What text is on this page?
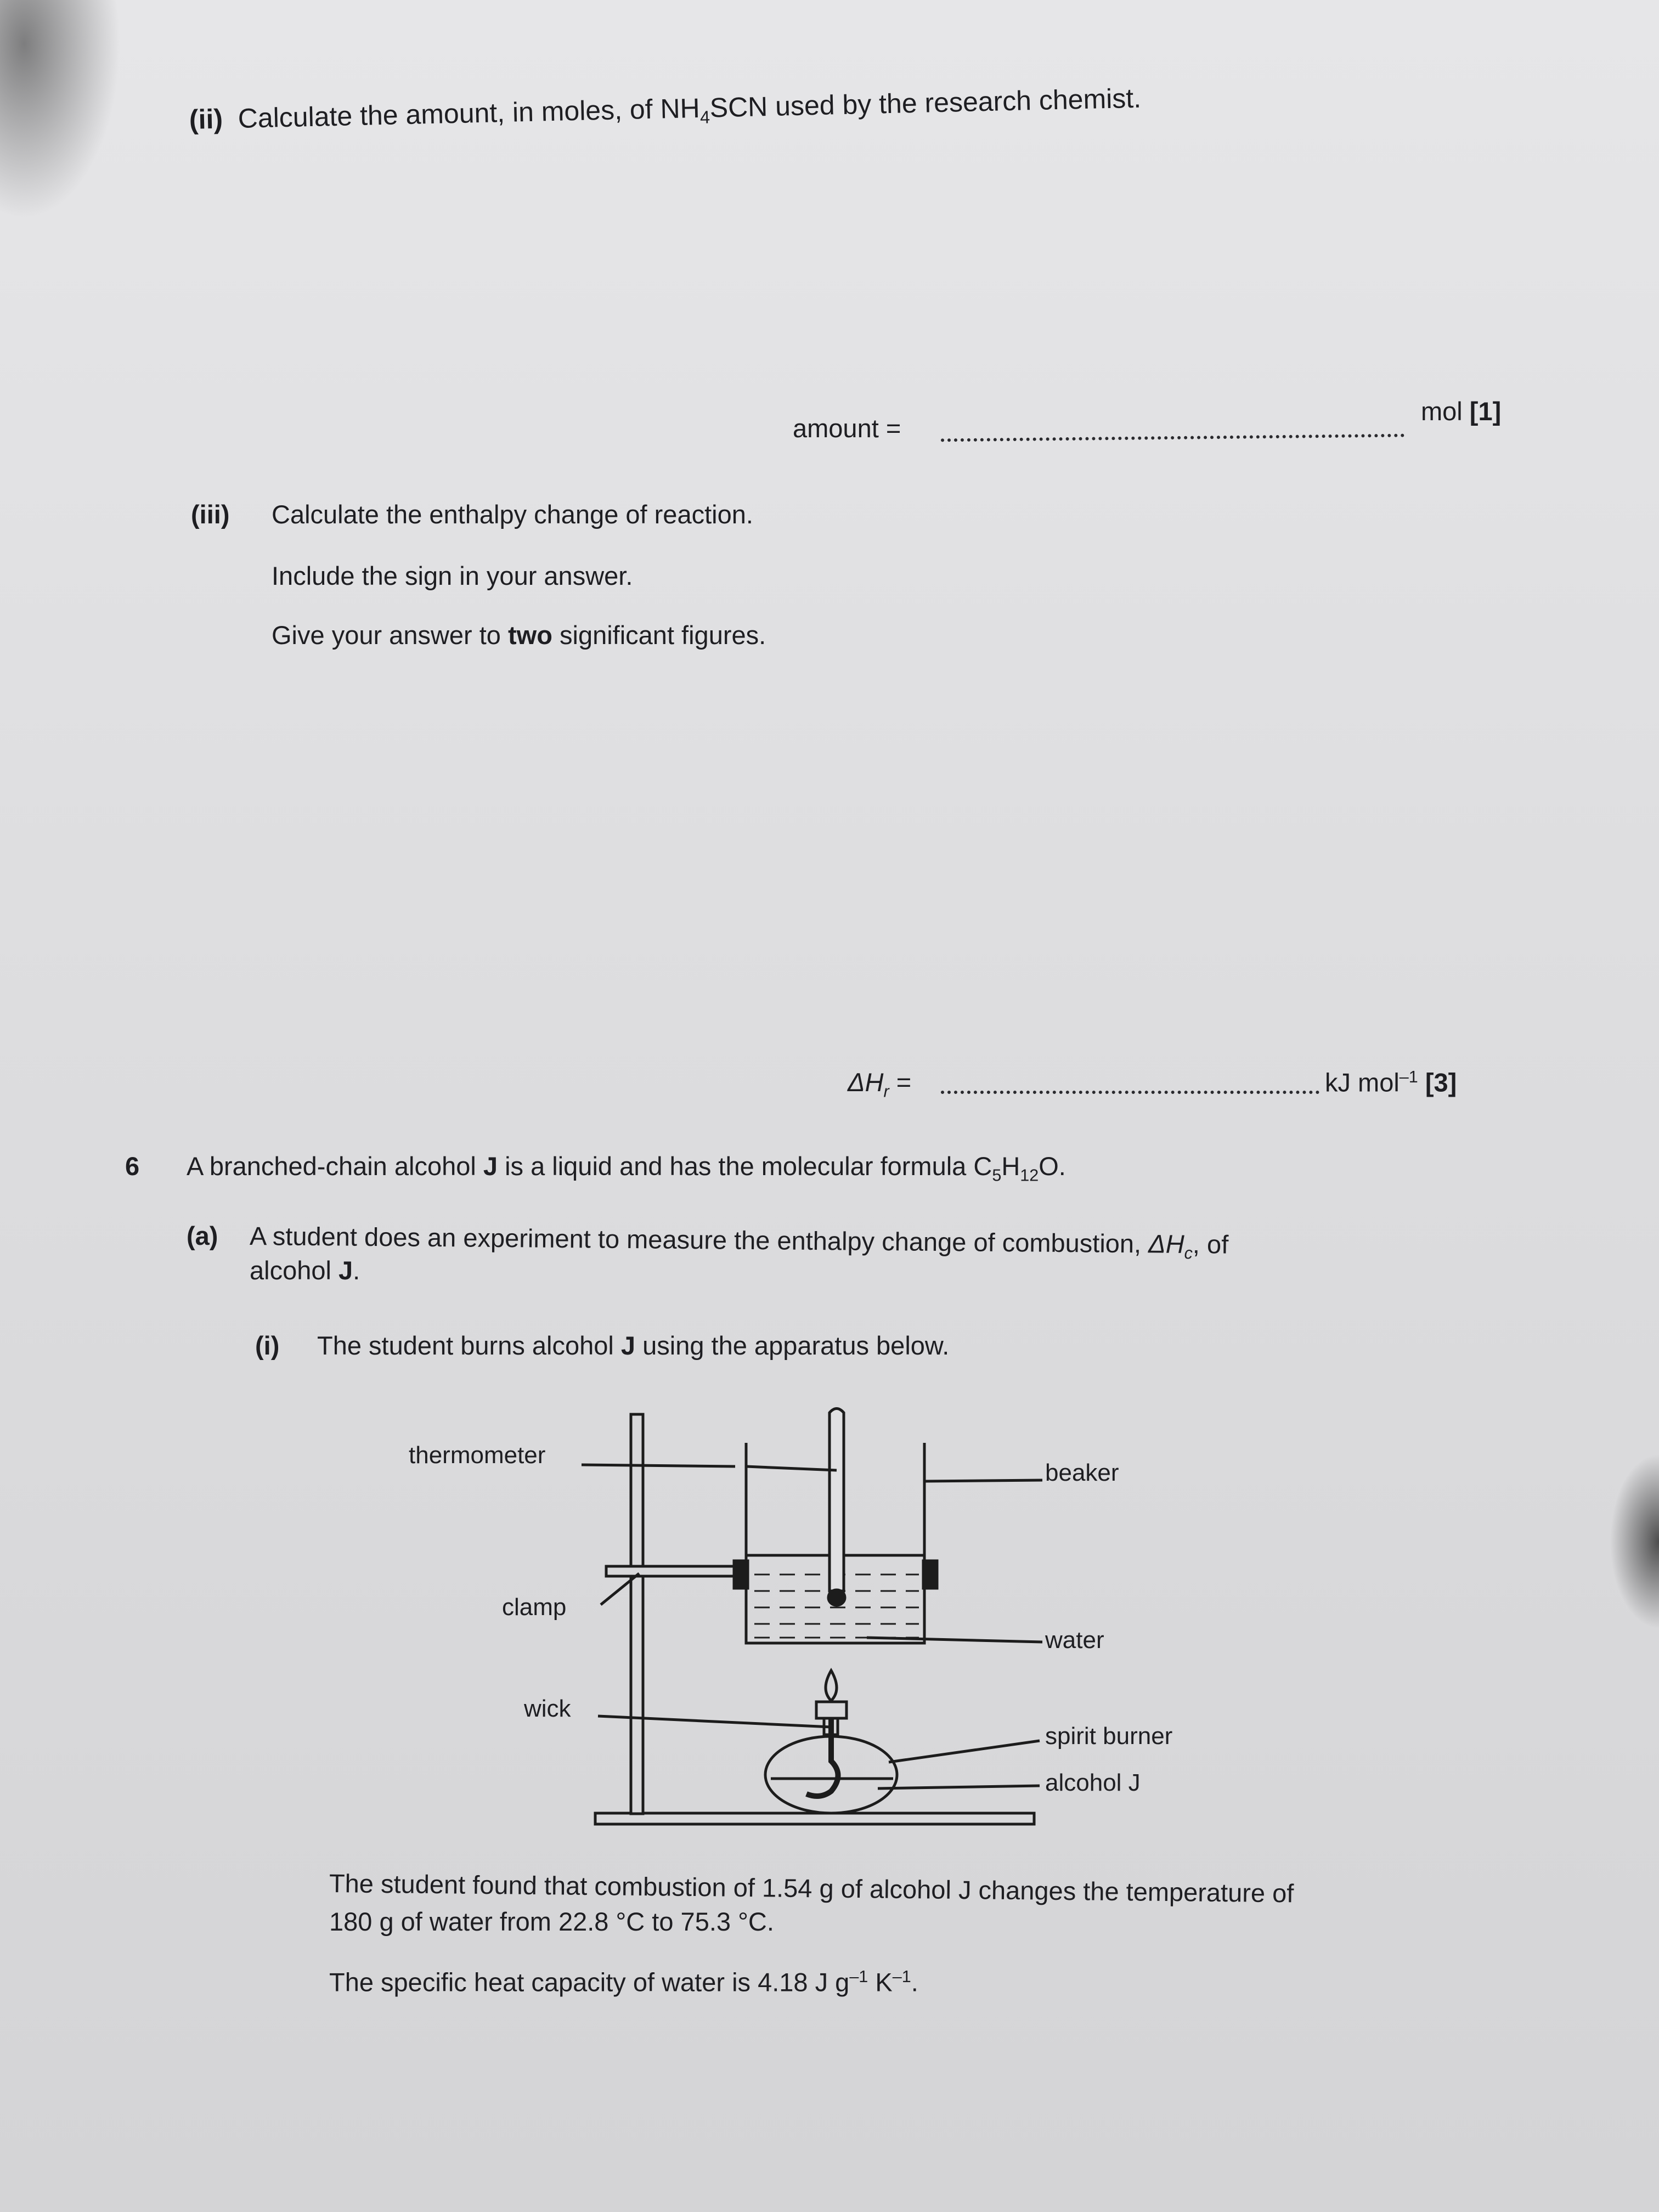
(ii) Calculate the amount, in moles, of $NH_4SCN$ used by the research chemist.
amount =
mol [1]
(iii) Calculate the enthalpy change of reaction.
Include the sign in your answer.
Give your answer to two significant figures.
$\Delta H_r$ =	kJ mol$^{-1}$ [3]
6 A branched-chain alcohol J is a liquid and has the molecular formula $C_5H_{12}O$.
(a) A student does an experiment to measure the enthalpy change of combustion, $\Delta H_c$, of
alcohol J.
(i) The student burns alcohol J using the apparatus below.
thermometer
beaker
clamp
water
wick
spirit burner
alcohol J
The student found that combustion of 1.54 g of alcohol J changes the temperature of
180 g of water from 22.8 °C to 75.3 °C.
The specific heat capacity of water is 4.18 J $g^{-1}$ $K^{-1}$.
